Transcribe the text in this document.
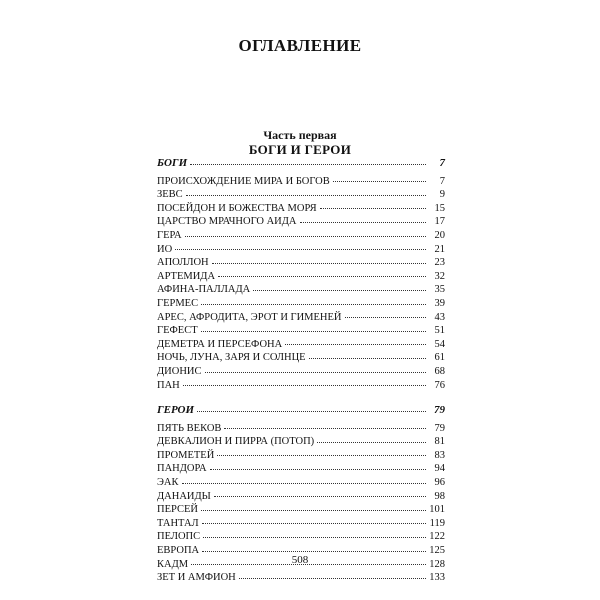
ОГЛАВЛЕНИЕ
Часть первая
БОГИ И ГЕРОИ
БОГИ	7
ПРОИСХОЖДЕНИЕ МИРА И БОГОВ	7
ЗЕВС	9
ПОСЕЙДОН И БОЖЕСТВА МОРЯ	15
ЦАРСТВО МРАЧНОГО АИДА	17
ГЕРА	20
ИО	21
АПОЛЛОН	23
АРТЕМИДА	32
АФИНА-ПАЛЛАДА	35
ГЕРМЕС	39
АРЕС, АФРОДИТА, ЭРОТ И ГИМЕНЕЙ	43
ГЕФЕСТ	51
ДЕМЕТРА И ПЕРСЕФОНА	54
НОЧЬ, ЛУНА, ЗАРЯ И СОЛНЦЕ	61
ДИОНИС	68
ПАН	76
ГЕРОИ	79
ПЯТЬ ВЕКОВ	79
ДЕВКАЛИОН И ПИРРА (ПОТОП)	81
ПРОМЕТЕЙ	83
ПАНДОРА	94
ЭАК	96
ДАНАИДЫ	98
ПЕРСЕЙ	101
ТАНТАЛ	119
ПЕЛОПС	122
ЕВРОПА	125
КАДМ	128
ЗЕТ И АМФИОН	133
508
